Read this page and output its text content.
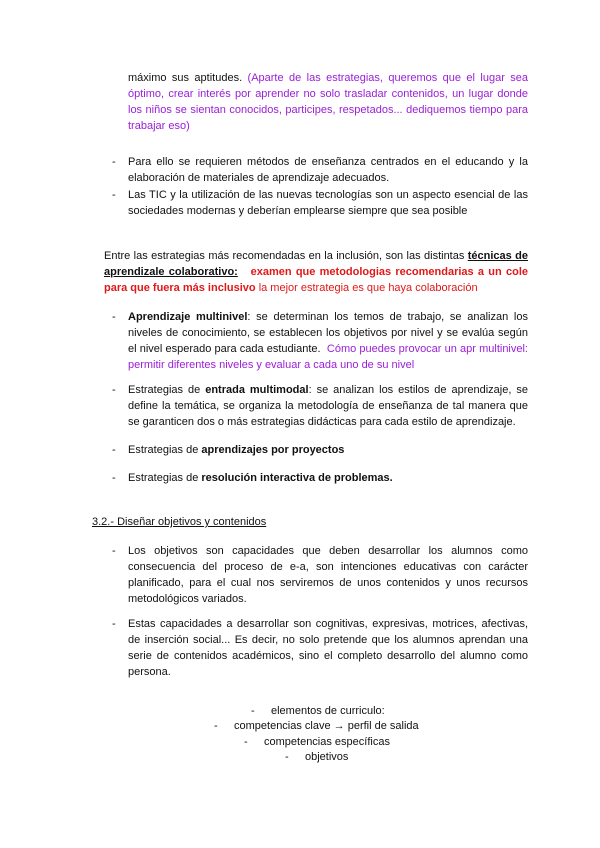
máximo sus aptitudes. (Aparte de las estrategias, queremos que el lugar sea óptimo, crear interés por aprender no solo trasladar contenidos, un lugar donde los niños se sientan conocidos, participes, respetados... dediquemos tiempo para trabajar eso)

-	Para ello se requieren métodos de enseñanza centrados en el educando y la elaboración de materiales de aprendizaje adecuados.

-	Las TIC y la utilización de las nuevas tecnologías son un aspecto esencial de las sociedades modernas y deberían emplearse siempre que sea posible

Entre las estrategias más recomendadas en la inclusión, son las distintas técnicas de aprendizale colaborativo: examen que metodologias recomendarias a un cole para que fuera más inclusivo la mejor estrategia es que haya colaboración

-	Aprendizaje multinivel: se determinan los temos de trabajo, se analizan los niveles de conocimiento, se establecen los objetivos por nivel y se evalúa según el nivel esperado para cada estudiante. Cómo puedes provocar un apr multinivel: permitir diferentes niveles y evaluar a cada uno de su nivel

-	Estrategias de entrada multimodal: se analizan los estilos de aprendizaje, se define la temática, se organiza la metodología de enseñanza de tal manera que se garanticen dos o más estrategias didácticas para cada estilo de aprendizaje.

-	Estrategias de aprendizajes por proyectos

-	Estrategias de resolución interactiva de problemas.

3.2.- Diseñar objetivos y contenidos

-	Los objetivos son capacidades que deben desarrollar los alumnos como consecuencia del proceso de e-a, son intenciones educativas con carácter planificado, para el cual nos serviremos de unos contenidos y unos recursos metodológicos variados.

-	Estas capacidades a desarrollar son cognitivas, expresivas, motrices, afectivas, de inserción social... Es decir, no solo pretende que los alumnos aprendan una serie de contenidos académicos, sino el completo desarrollo del alumno como persona.

- elementos de curriculo:
- competencias clave → perfil de salida
- competencias específicas
- objetivos
